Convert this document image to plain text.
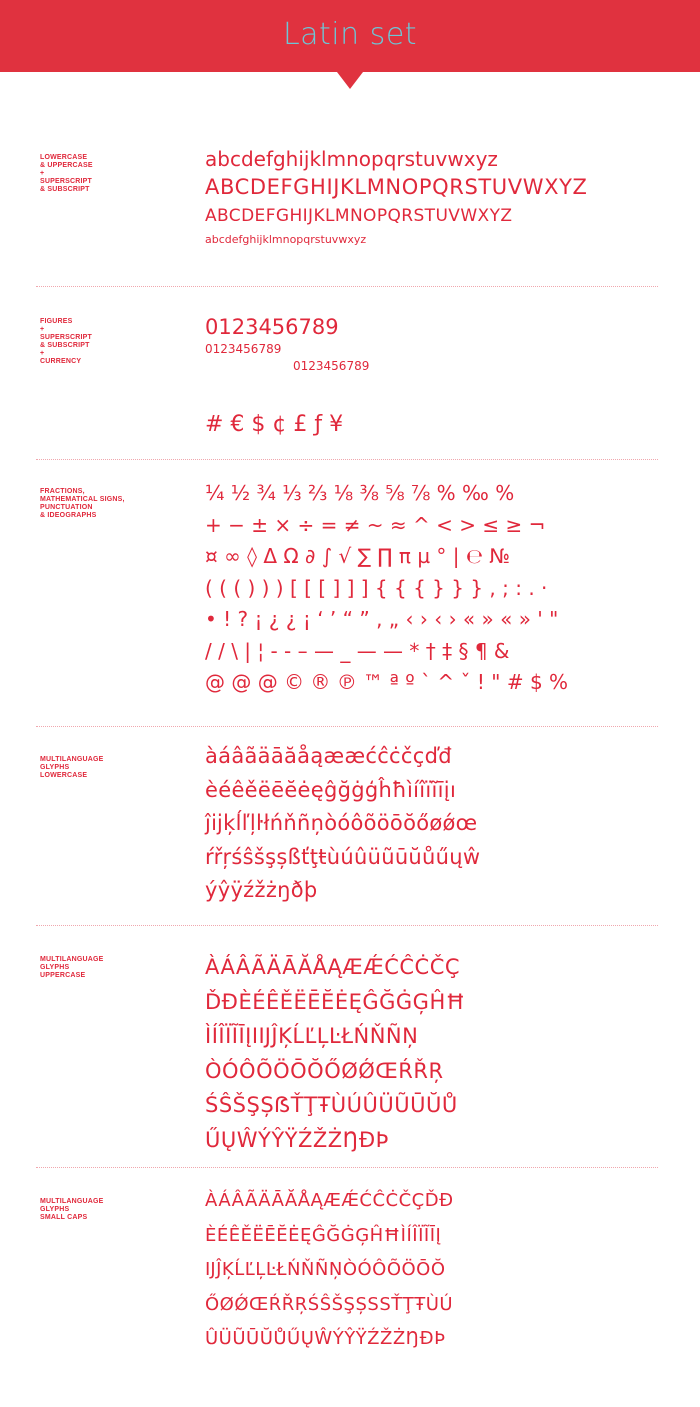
Latin set
LOWERCASE
& UPPERCASE
+
SUPERSCRIPT
& SUBSCRIPT
abcdefghijklmnopqrstuvwxyz
ABCDEFGHIJKLMNOPQRSTUVWXYZ
ABCDEFGHIJKLMNOPQRSTUVWXYZ
abcdefghijklmnopqrstuvwxyz
FIGURES
+
SUPERSCRIPT
& SUBSCRIPT
+
CURRENCY
0123456789
0123456789
0123456789
# € $ ¢ £ ƒ ¥
FRACTIONS,
MATHEMATICAL SIGNS,
PUNCTUATION
& IDEOGRAPHS
¼ ½ ¾ ⅓ ⅔ ⅛ ⅜ ⅝ ⅞ % ‰ %
+ − ± × ÷ = ≠ ~ ≈ ^ < > ≤ ≥ ¬
¤ ∞ ◊ Δ Ω ∂ ∫ √ ∑ ∏ π µ ° | ℮ №
( ( ( ) ) ) [ [ [ ] ] ] { { { } } } , ; : . ·
• ! ? ¡ ¿ ¿ ¡ ‘ ’ “ ” , „ ‹ › ‹ › « » « » ' "
/ / \ | ¦ - - – — _ — — * † ‡ § ¶ &
@ @ @ © ® ℗ ™ ª º ` ^ ˇ ! " # $ %
MULTILANGUAGE
GLYPHS
LOWERCASE
àáâãäāăåąææćĉċčçďđ
èéêěëēĕėęĝğġģĥħìíîïĩīįı
ĵĳķĺľļŀłńňñņòóôõöōŏőøǿœ
ŕřŗśŝšşșßťţŧùúûüũūŭůűųŵ
ýŷÿźžżŋðþ
MULTILANGUAGE
GLYPHS
UPPERCASE	ÀÁÂÃÄĀĂÅĄÆǼĆĈĊČÇ
ĎĐÈÉÊĚËĒĔĖĘĜĞĠĢĤĦ
ÌÍÎÏĨĪĮIĲĴĶĹĽĻĿŁŃŇÑŅ
ÒÓÔÕÖŌŎŐØǾŒŔŘŖ
ŚŜŠŞȘẞŤŢŦÙÚÛÜŨŪŬŮ
ŰŲŴÝŶŸŹŽŻŊÐÞ
MULTILANGUAGE
GLYPHS
SMALL CAPS
ÀÁÂÃÄĀĂÅĄÆǼĆĈĊČÇĎĐ
ÈÉÊĚËĒĔĖĘĜĞĠĢĤĦÌÍÎÏĨĪĮ
ĲĴĶĹĽĻĿŁŃŇÑŅÒÓÔÕÖŌŎ
ŐØǾŒŔŘŖŚŜŠŞȘSSŤŢŦÙÚ
ÛÜŨŪŬŮŰŲŴÝŶŸŹŽŻŊÐÞ
